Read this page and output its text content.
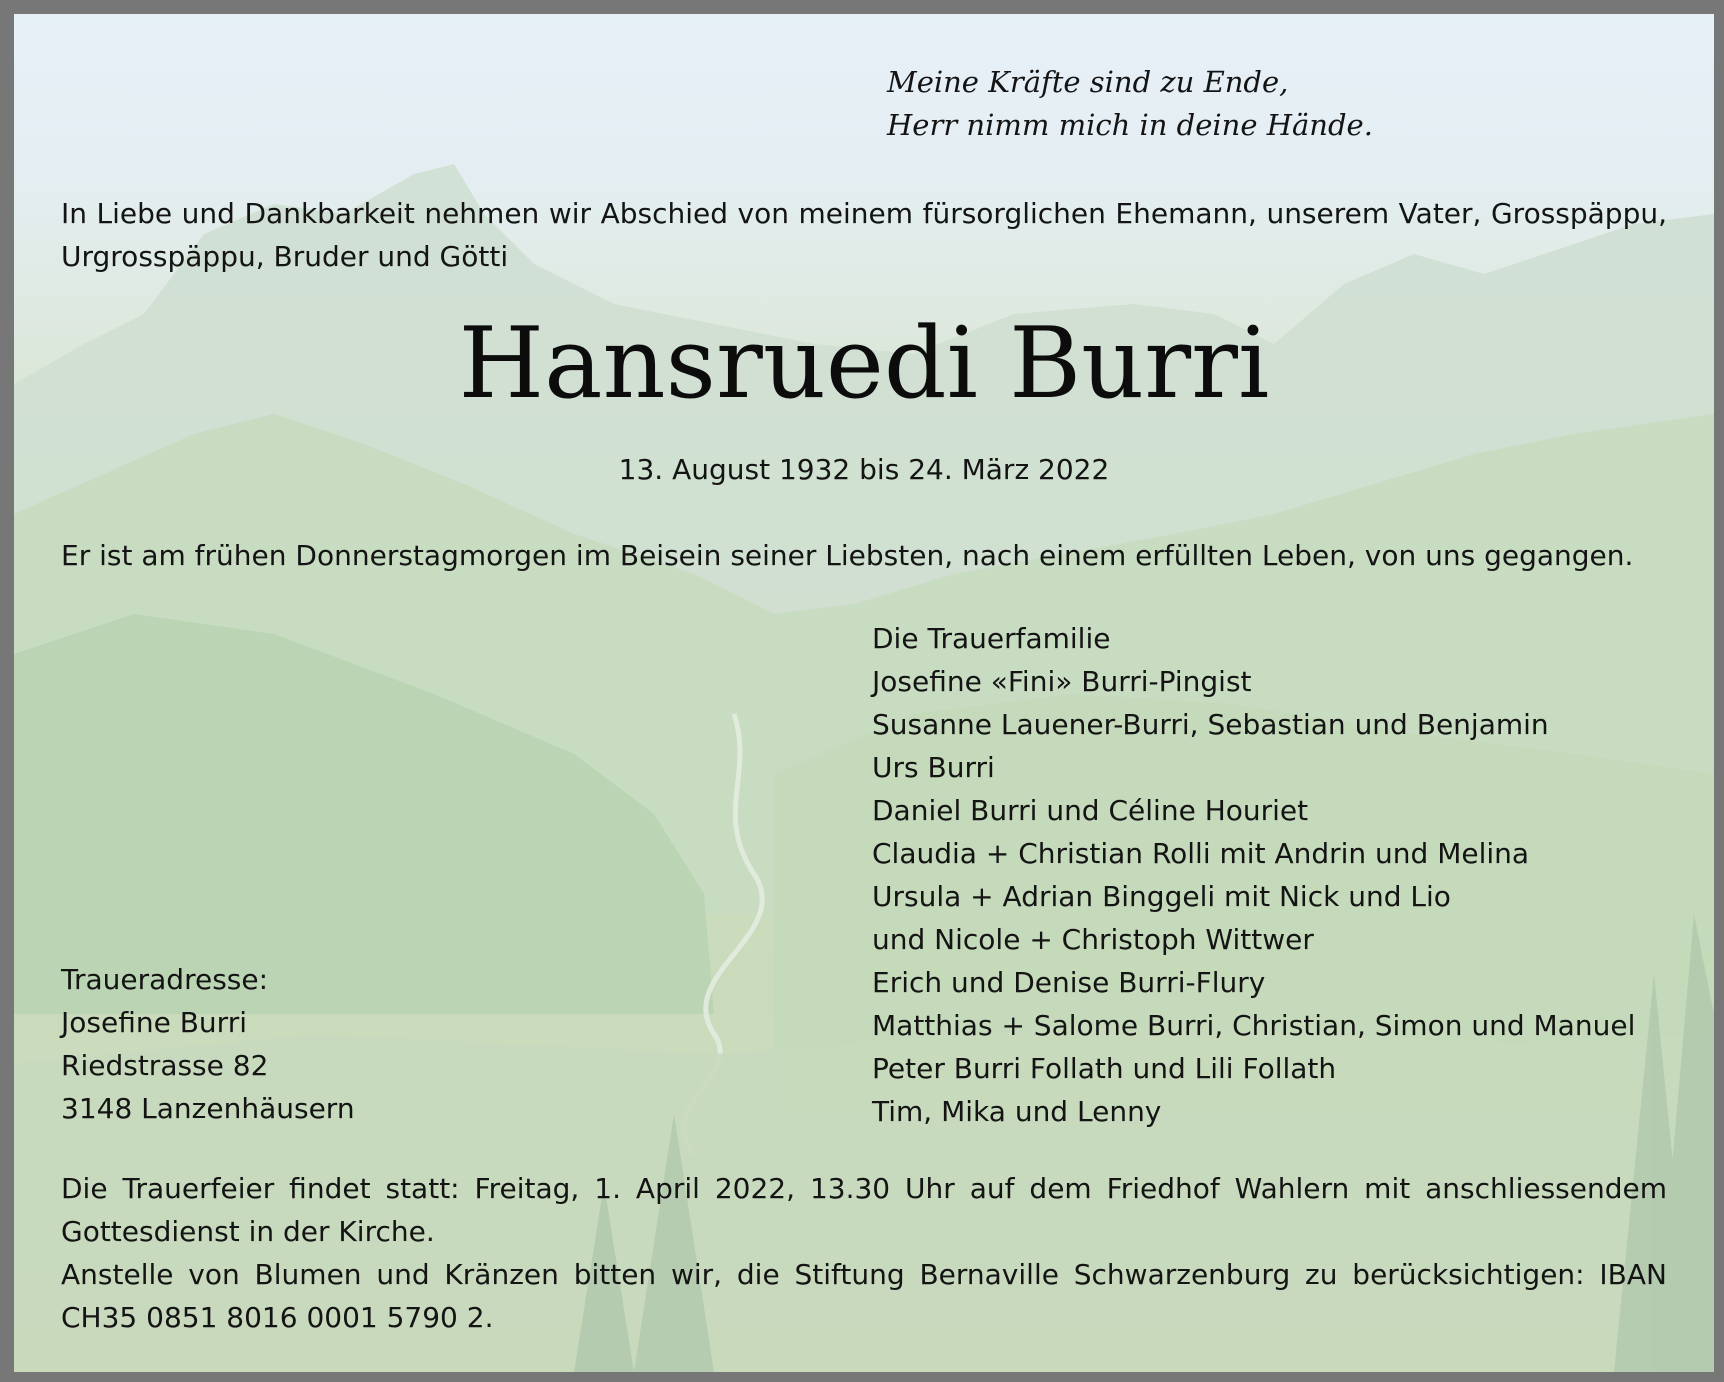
Meine Kräfte sind zu Ende,
Herr nimm mich in deine Hände.

In Liebe und Dankbarkeit nehmen wir Abschied von meinem fürsorglichen Ehemann, unserem Vater, Grosspäppu, Urgrosspäppu, Bruder und Götti

Hansruedi Burri
13. August 1932 bis 24. März 2022

Er ist am frühen Donnerstagmorgen im Beisein seiner Liebsten, nach einem erfüllten Leben, von uns gegangen.

Die Trauerfamilie
Josefine «Fini» Burri-Pingist
Susanne Lauener-Burri, Sebastian und Benjamin
Urs Burri
Daniel Burri und Céline Houriet
Claudia + Christian Rolli mit Andrin und Melina
Ursula + Adrian Binggeli mit Nick und Lio
und Nicole + Christoph Wittwer
Erich und Denise Burri-Flury
Matthias + Salome Burri, Christian, Simon und Manuel
Peter Burri Follath und Lili Follath
Tim, Mika und Lenny
Traueradresse:
Josefine Burri
Riedstrasse 82
3148 Lanzenhäusern

Die Trauerfeier findet statt: Freitag, 1. April 2022, 13.30 Uhr auf dem Friedhof Wahlern mit anschliessendem Gottesdienst in der Kirche.

Anstelle von Blumen und Kränzen bitten wir, die Stiftung Bernaville Schwarzenburg zu berücksichtigen: IBAN CH35 0851 8016 0001 5790 2.
